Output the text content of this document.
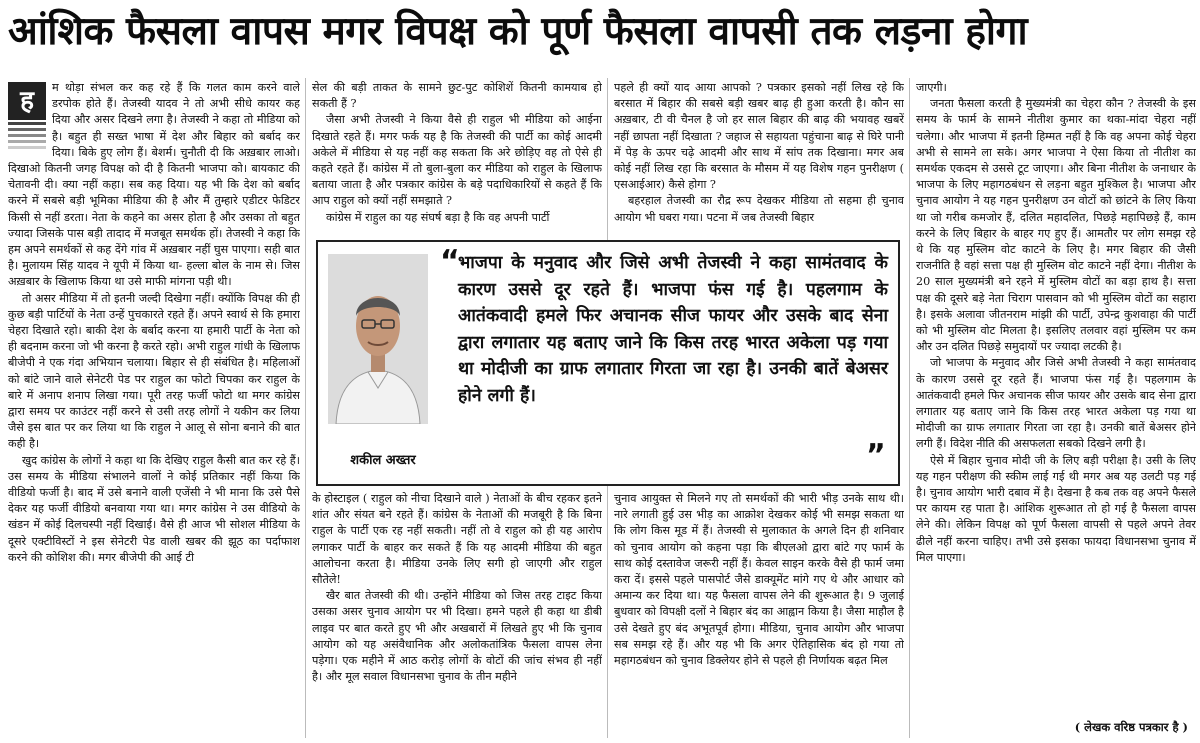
आंशिक फैसला वापस मगर विपक्ष को पूर्ण फैसला वापसी तक लड़ना होगा
ह	म थोड़ा संभल कर कह रहे हैं कि गलत काम करने वाले डरपोक होते हैं। तेजस्वी यादव ने तो अभी सीधे कायर कह दिया और असर दिखने लगा है। तेजस्वी ने कहा तो मीडिया को है। बहुत ही सख्त भाषा में देश और बिहार को बर्बाद कर दिया। बिके हुए लोग हैं। बेशर्म। चुनौती दी कि अख़बार लाओ। दिखाओ कितनी जगह विपक्ष को दी है कितनी भाजपा को। बायकाट की चेतावनी दी। क्या नहीं कहा। सब कह दिया। यह भी कि देश को बर्बाद करने में सबसे बड़ी भूमिका मीडिया की है और मैं तुम्हारे एडीटर फेडिटर किसी से नहीं डरता। नेता के कहने का असर होता है और उसका तो बहुत ज्यादा जिसके पास बड़ी तादाद में मजबूत समर्थक हों। तेजस्वी ने कहा कि हम अपने समर्थकों से कह देंगे गांव में अख़बार नहीं घुस पाएगा। सही बात है। मुलायम सिंह यादव ने यूपी में किया था- हल्ला बोल के नाम से। जिस अख़बार के खिलाफ किया था उसे माफी मांगना पड़ी थी।

तो असर मीडिया में तो इतनी जल्दी दिखेगा नहीं। क्योंकि विपक्ष की ही कुछ बड़ी पार्टियों के नेता उन्हें पुचकारते रहते हैं। अपने स्वार्थ से कि हमारा चेहरा दिखाते रहो। बाकी देश के बर्बाद करना या हमारी पार्टी के नेता को ही बदनाम करना जो भी करना है करते रहो। अभी राहुल गांधी के खिलाफ बीजेपी ने एक गंदा अभियान चलाया। बिहार से ही संबंधित है। महिलाओं को बांटे जाने वाले सेनेटरी पेड पर राहुल का फोटो चिपका कर राहुल के बारे में अनाप शनाप लिखा गया। पूरी तरह फर्जी फोटो था मगर कांग्रेस द्वारा समय पर काउंटर नहीं करने से उसी तरह लोगों ने यकीन कर लिया जैसे इस बात पर कर लिया था कि राहुल ने आलू से सोना बनाने की बात कही है।

खुद कांग्रेस के लोगों ने कहा था कि देखिए राहुल कैसी बात कर रहे हैं। उस समय के मीडिया संभालने वालों ने कोई प्रतिकार नहीं किया कि वीडियो फर्जी है। बाद में उसे बनाने वाली एजेंसी ने भी माना कि उसे पैसे देकर यह फर्जी वीडियो बनवाया गया था। मगर कांग्रेस ने उस वीडियो के खंडन में कोई दिलचस्पी नहीं दिखाई। वैसे ही आज भी सोशल मीडिया के दूसरे एक्टीविस्टों ने इस सेनेटरी पेड वाली खबर की झूठ का पर्दाफाश करने की कोशिश की। मगर बीजेपी की आई टी

सेल की बड़ी ताकत के सामने छुट-पुट कोशिशें कितनी कामयाब हो सकती हैं ?

जैसा अभी तेजस्वी ने किया वैसे ही राहुल भी मीडिया को आईना दिखाते रहते हैं। मगर फर्क यह है कि तेजस्वी की पार्टी का कोई आदमी अकेले में मीडिया से यह नहीं कह सकता कि अरे छोड़िए वह तो ऐसे ही कहते रहते हैं। कांग्रेस में तो बुला-बुला कर मीडिया को राहुल के खिलाफ बताया जाता है और पत्रकार कांग्रेस के बड़े पदाधिकारियों से कहते हैं कि आप राहुल को क्यों नहीं समझाते ?

कांग्रेस में राहुल का यह संघर्ष बड़ा है कि वह अपनी पार्टी

पहले ही क्यों याद आया आपको ? पत्रकार इसको नहीं लिख रहे कि बरसात में बिहार की सबसे बड़ी खबर बाढ़ ही हुआ करती है। कौन सा अख़बार, टी वी चैनल है जो हर साल बिहार की बाढ़ की भयावह खबरें नहीं छापता नहीं दिखाता ? जहाज से सहायता पहुंचाना बाढ़ से घिरे पानी में पेड़ के ऊपर चढ़े आदमी और साथ में सांप तक दिखाना। मगर अब कोई नहीं लिख रहा कि बरसात के मौसम में यह विशेष गहन पुनरीक्षण ( एसआईआर) कैसे होगा ?

बहरहाल तेजस्वी का रौद्र रूप देखकर मीडिया तो सहमा ही चुनाव आयोग भी घबरा गया। पटना में जब तेजस्वी बिहार

शकील अख्तर
“
भाजपा के मनुवाद और जिसे अभी तेजस्वी ने कहा सामंतवाद के कारण उससे दूर रहते हैं। भाजपा फंस गई है। पहलगाम के आतंकवादी हमले फिर अचानक सीज फायर और उसके बाद सेना द्वारा लगातार यह बताए जाने कि किस तरह भारत अकेला पड़ गया था मोदीजी का ग्राफ लगातार गिरता जा रहा है। उनकी बातें बेअसर होने लगी हैं।
”

के होस्टाइल ( राहुल को नीचा दिखाने वाले ) नेताओं के बीच रहकर इतने शांत और संयत बने रहते हैं। कांग्रेस के नेताओं की मजबूरी है कि बिना राहुल के पार्टी एक रह नहीं सकती। नहीं तो वे राहुल को ही यह आरोप लगाकर पार्टी के बाहर कर सकते हैं कि यह आदमी मीडिया की बहुत आलोचना करता है। मीडिया उनके लिए सगी हो जाएगी और राहुल सौतेले!

खैर बात तेजस्वी की थी। उन्होंने मीडिया को जिस तरह टाइट किया उसका असर चुनाव आयोग पर भी दिखा। हमने पहले ही कहा था डीबी लाइव पर बात करते हुए भी और अखबारों में लिखते हुए भी कि चुनाव आयोग को यह असंवैधानिक और अलोकतांत्रिक फैसला वापस लेना पड़ेगा। एक महीने में आठ करोड़ लोगों के वोटों की जांच संभव ही नहीं है। और मूल सवाल विधानसभा चुनाव के तीन महीने

चुनाव आयुक्त से मिलने गए तो समर्थकों की भारी भीड़ उनके साथ थी। नारे लगाती हुई उस भीड़ का आक्रोश देखकर कोई भी समझ सकता था कि लोग किस मूड में हैं। तेजस्वी से मुलाकात के अगले दिन ही शनिवार को चुनाव आयोग को कहना पड़ा कि बीएलओ द्वारा बांटे गए फार्म के साथ कोई दस्तावेज जरूरी नहीं हैं। केवल साइन करके वैसे ही फार्म जमा करा दें। इससे पहले पासपोर्ट जैसे डाक्यूमेंट मांगे गए थे और आधार को अमान्य कर दिया था। यह फैसला वापस लेने की शुरूआत है। 9 जुलाई बुधवार को विपक्षी दलों ने बिहार बंद का आह्वान किया है। जैसा माहौल है उसे देखते हुए बंद अभूतपूर्व होगा। मीडिया, चुनाव आयोग और भाजपा सब समझ रहे हैं। और यह भी कि अगर ऐतिहासिक बंद हो गया तो महागठबंधन को चुनाव डिक्लेयर होने से पहले ही निर्णायक बढ़त मिल

जाएगी।

जनता फैसला करती है मुख्यमंत्री का चेहरा कौन ? तेजस्वी के इस समय के फार्म के सामने नीतीश कुमार का थका-मांदा चेहरा नहीं चलेगा। और भाजपा में इतनी हिम्मत नहीं है कि वह अपना कोई चेहरा अभी से सामने ला सके। अगर भाजपा ने ऐसा किया तो नीतीश का समर्थक एकदम से उससे टूट जाएगा। और बिना नीतीश के जनाधार के भाजपा के लिए महागठबंधन से लड़ना बहुत मुश्किल है। भाजपा और चुनाव आयोग ने यह गहन पुनरीक्षण उन वोटों को छांटने के लिए किया था जो गरीब कमजोर हैं, दलित महादलित, पिछड़े महापिछड़े हैं, काम करने के लिए बिहार के बाहर गए हुए हैं। आमतौर पर लोग समझ रहे थे कि यह मुस्लिम वोट काटने के लिए है। मगर बिहार की जैसी राजनीति है वहां सत्ता पक्ष ही मुस्लिम वोट काटने नहीं देगा। नीतीश के 20 साल मुख्यमंत्री बने रहने में मुस्लिम वोटों का बड़ा हाथ है। सत्ता पक्ष की दूसरे बड़े नेता चिराग पासवान को भी मुस्लिम वोटों का सहारा है। इसके अलावा जीतनराम मांझी की पार्टी, उपेन्द्र कुशवाहा की पार्टी को भी मुस्लिम वोट मिलता है। इसलिए तलवार वहां मुस्लिम पर कम और उन दलित पिछड़े समुदायों पर ज्यादा लटकी है।

जो भाजपा के मनुवाद और जिसे अभी तेजस्वी ने कहा सामंतवाद के कारण उससे दूर रहते हैं। भाजपा फंस गई है। पहलगाम के आतंकवादी हमले फिर अचानक सीज फायर और उसके बाद सेना द्वारा लगातार यह बताए जाने कि किस तरह भारत अकेला पड़ गया था मोदीजी का ग्राफ लगातार गिरता जा रहा है। उनकी बातें बेअसर होने लगी हैं। विदेश नीति की असफलता सबको दिखने लगी है।

ऐसे में बिहार चुनाव मोदी जी के लिए बड़ी परीक्षा है। उसी के लिए यह गहन परीक्षण की स्कीम लाई गई थी मगर अब यह उलटी पड़ गई है। चुनाव आयोग भारी दबाव में है। देखना है कब तक वह अपने फैसले पर कायम रह पाता है। आंशिक शुरूआत तो हो गई है फैसला वापस लेने की। लेकिन विपक्ष को पूर्ण फैसला वापसी से पहले अपने तेवर ढीले नहीं करना चाहिए। तभी उसे इसका फायदा विधानसभा चुनाव में मिल पाएगा।

( लेखक वरिष्ठ पत्रकार है )
